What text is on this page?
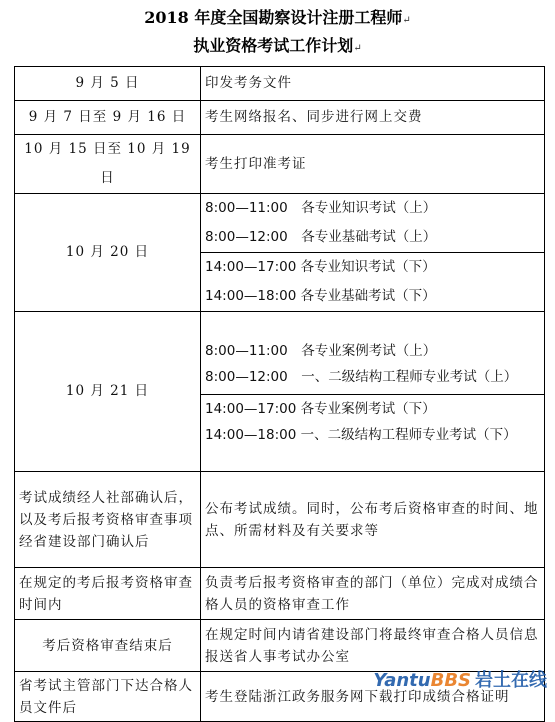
2018 年度全国勘察设计注册工程师↵
执业资格考试工作计划↵
9 月 5 日	印发考务文件
9 月 7 日至 9 月 16 日	考生网络报名、同步进行网上交费
10 月 15 日至 10 月 19 日	考生打印准考证
10 月 20 日	8:00—11:00　各专业知识考试（上）
8:00—12:00　各专业基础考试（上）
14:00—17:00 各专业知识考试（下）
14:00—18:00 各专业基础考试（下）

10 月 21 日	8:00—11:00　各专业案例考试（上）
8:00—12:00　一、二级结构工程师专业考试（上）
14:00—17:00 各专业案例考试（下）
14:00—18:00 一、二级结构工程师专业考试（下）

考试成绩经人社部确认后，以及考后报考资格审查事项经省建设部门确认后	公布考试成绩。同时，公布考后资格审查的时间、地点、所需材料及有关要求等
在规定的考后报考资格审查时间内	负责考后报考资格审查的部门（单位）完成对成绩合格人员的资格审查工作
考后资格审查结束后	在规定时间内请省建设部门将最终审查合格人员信息报送省人事考试办公室
省考试主管部门下达合格人员文件后	考生登陆浙江政务服务网下载打印成绩合格证明
YantuBBS 岩土在线
